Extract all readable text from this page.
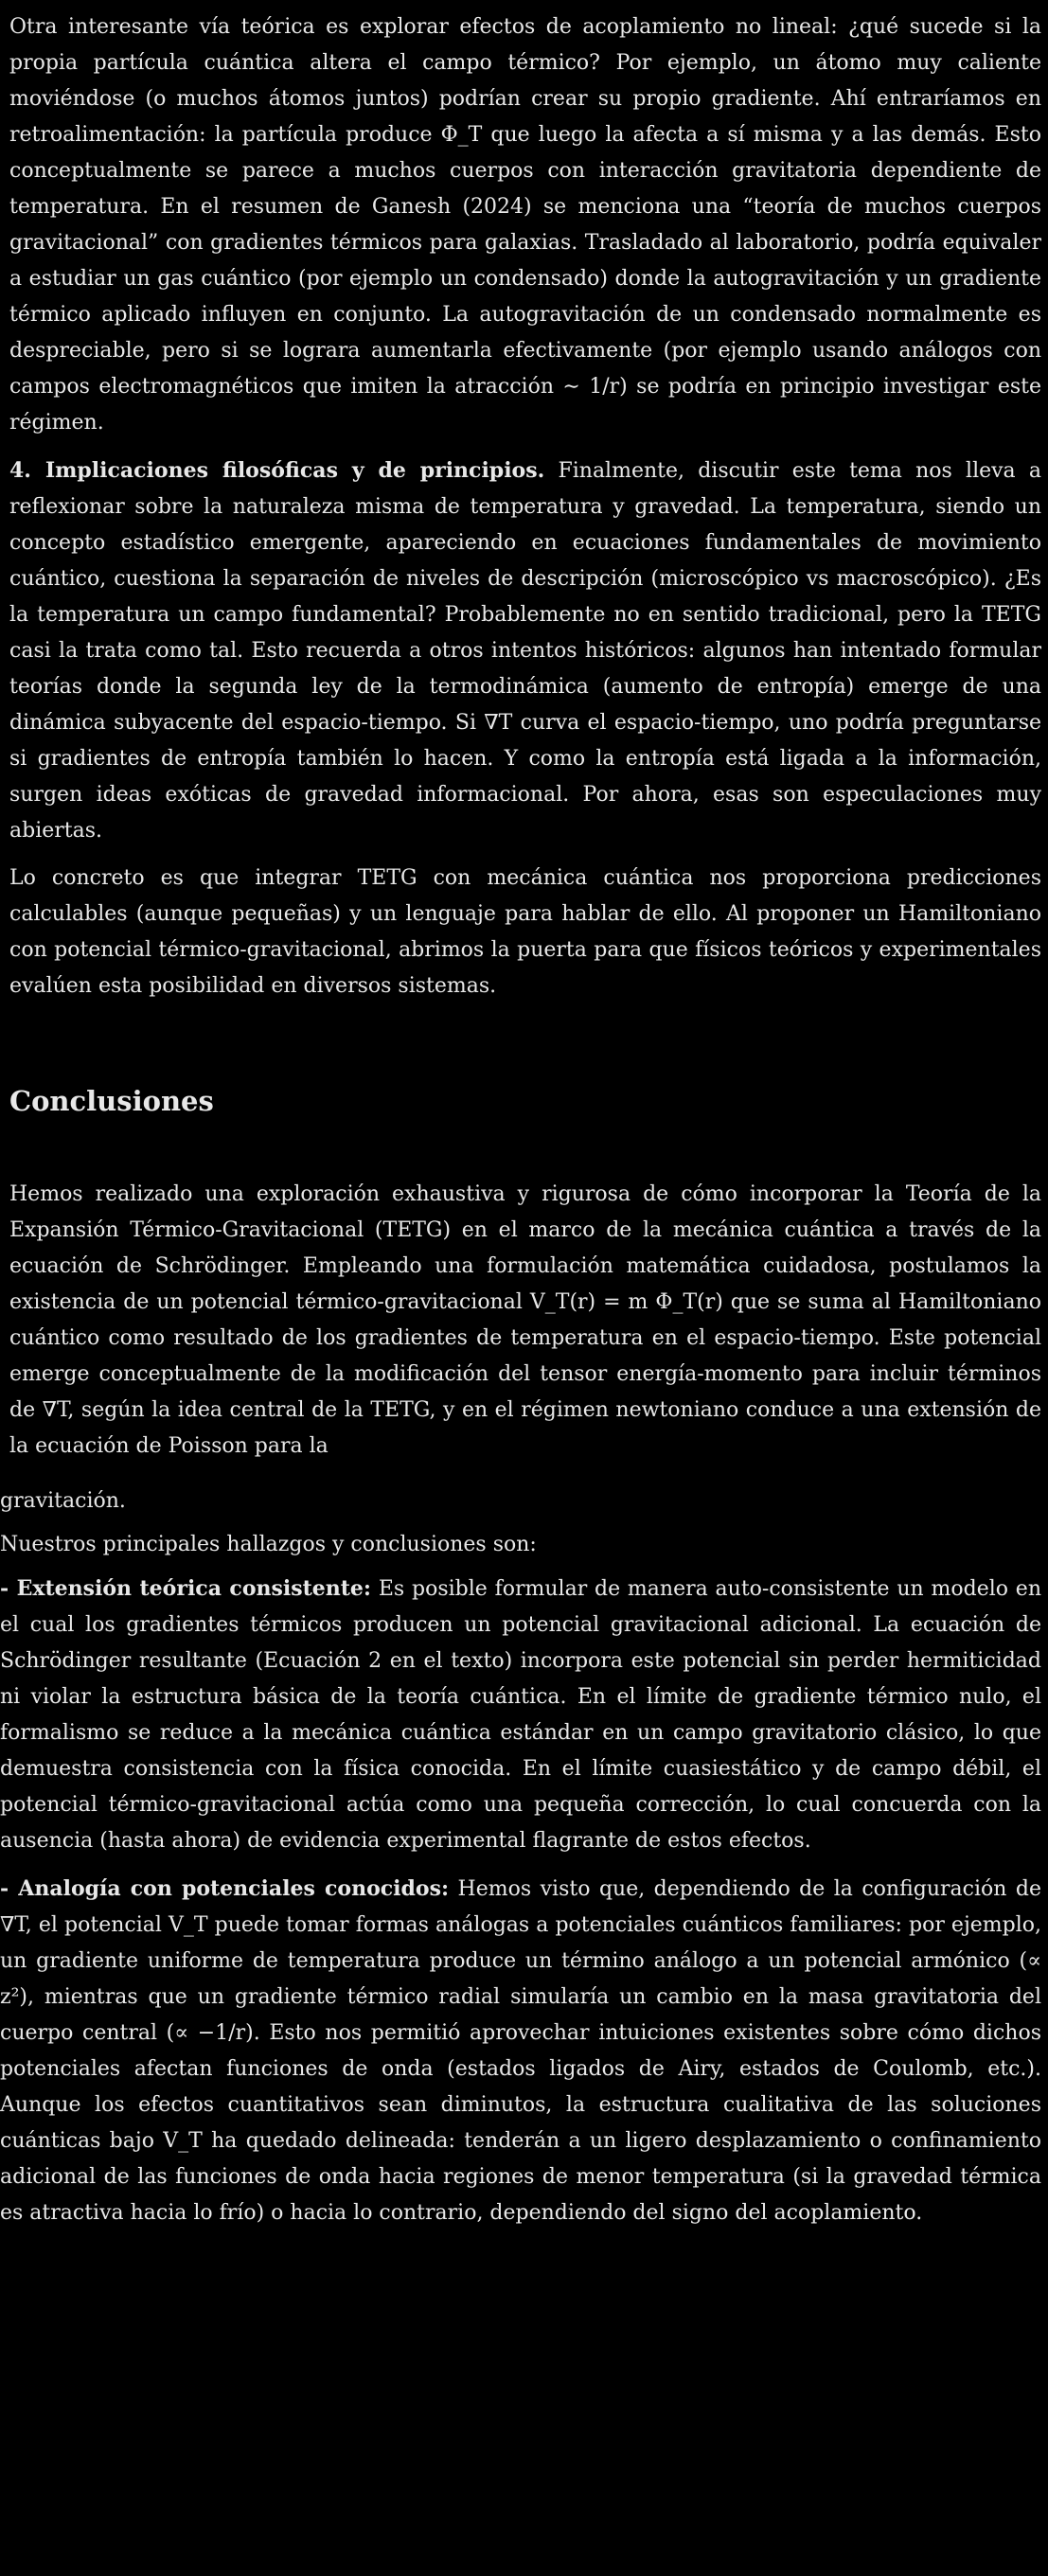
Otra interesante vía teórica es explorar efectos de acoplamiento no lineal: ¿qué sucede si la propia partícula cuántica altera el campo térmico? Por ejemplo, un átomo muy caliente moviéndose (o muchos átomos juntos) podrían crear su propio gradiente. Ahí entraríamos en retroalimentación: la partícula produce Φ_T que luego la afecta a sí misma y a las demás. Esto conceptualmente se parece a muchos cuerpos con interacción gravitatoria dependiente de temperatura. En el resumen de Ganesh (2024) se menciona una “teoría de muchos cuerpos gravitacional” con gradientes térmicos para galaxias. Trasladado al laboratorio, podría equivaler a estudiar un gas cuántico (por ejemplo un condensado) donde la autogravitación y un gradiente térmico aplicado influyen en conjunto. La autogravitación de un condensado normalmente es despreciable, pero si se lograra aumentarla efectivamente (por ejemplo usando análogos con campos electromagnéticos que imiten la atracción ∼ 1/r) se podría en principio investigar este régimen.

4. Implicaciones filosóficas y de principios. Finalmente, discutir este tema nos lleva a reflexionar sobre la naturaleza misma de temperatura y gravedad. La temperatura, siendo un concepto estadístico emergente, apareciendo en ecuaciones fundamentales de movimiento cuántico, cuestiona la separación de niveles de descripción (microscópico vs macroscópico). ¿Es la temperatura un campo fundamental? Probablemente no en sentido tradicional, pero la TETG casi la trata como tal. Esto recuerda a otros intentos históricos: algunos han intentado formular teorías donde la segunda ley de la termodinámica (aumento de entropía) emerge de una dinámica subyacente del espacio-tiempo. Si ∇T curva el espacio-tiempo, uno podría preguntarse si gradientes de entropía también lo hacen. Y como la entropía está ligada a la información, surgen ideas exóticas de gravedad informacional. Por ahora, esas son especulaciones muy abiertas.

Lo concreto es que integrar TETG con mecánica cuántica nos proporciona predicciones calculables (aunque pequeñas) y un lenguaje para hablar de ello. Al proponer un Hamiltoniano con potencial térmico-gravitacional, abrimos la puerta para que físicos teóricos y experimentales evalúen esta posibilidad en diversos sistemas.

Conclusiones

Hemos realizado una exploración exhaustiva y rigurosa de cómo incorporar la Teoría de la Expansión Térmico-Gravitacional (TETG) en el marco de la mecánica cuántica a través de la ecuación de Schrödinger. Empleando una formulación matemática cuidadosa, postulamos la existencia de un potencial térmico-gravitacional V_T(r) = m Φ_T(r) que se suma al Hamiltoniano cuántico como resultado de los gradientes de temperatura en el espacio-tiempo. Este potencial emerge conceptualmente de la modificación del tensor energía-momento para incluir términos de ∇T, según la idea central de la TETG, y en el régimen newtoniano conduce a una extensión de la ecuación de Poisson para la

gravitación.

Nuestros principales hallazgos y conclusiones son:

- Extensión teórica consistente: Es posible formular de manera auto-consistente un modelo en el cual los gradientes térmicos producen un potencial gravitacional adicional. La ecuación de Schrödinger resultante (Ecuación 2 en el texto) incorpora este potencial sin perder hermiticidad ni violar la estructura básica de la teoría cuántica. En el límite de gradiente térmico nulo, el formalismo se reduce a la mecánica cuántica estándar en un campo gravitatorio clásico, lo que demuestra consistencia con la física conocida. En el límite cuasiestático y de campo débil, el potencial térmico-gravitacional actúa como una pequeña corrección, lo cual concuerda con la ausencia (hasta ahora) de evidencia experimental flagrante de estos efectos.

- Analogía con potenciales conocidos: Hemos visto que, dependiendo de la configuración de ∇T, el potencial V_T puede tomar formas análogas a potenciales cuánticos familiares: por ejemplo, un gradiente uniforme de temperatura produce un término análogo a un potencial armónico (∝ z²), mientras que un gradiente térmico radial simularía un cambio en la masa gravitatoria del cuerpo central (∝ −1/r). Esto nos permitió aprovechar intuiciones existentes sobre cómo dichos potenciales afectan funciones de onda (estados ligados de Airy, estados de Coulomb, etc.). Aunque los efectos cuantitativos sean diminutos, la estructura cualitativa de las soluciones cuánticas bajo V_T ha quedado delineada: tenderán a un ligero desplazamiento o confinamiento adicional de las funciones de onda hacia regiones de menor temperatura (si la gravedad térmica es atractiva hacia lo frío) o hacia lo contrario, dependiendo del signo del acoplamiento.
